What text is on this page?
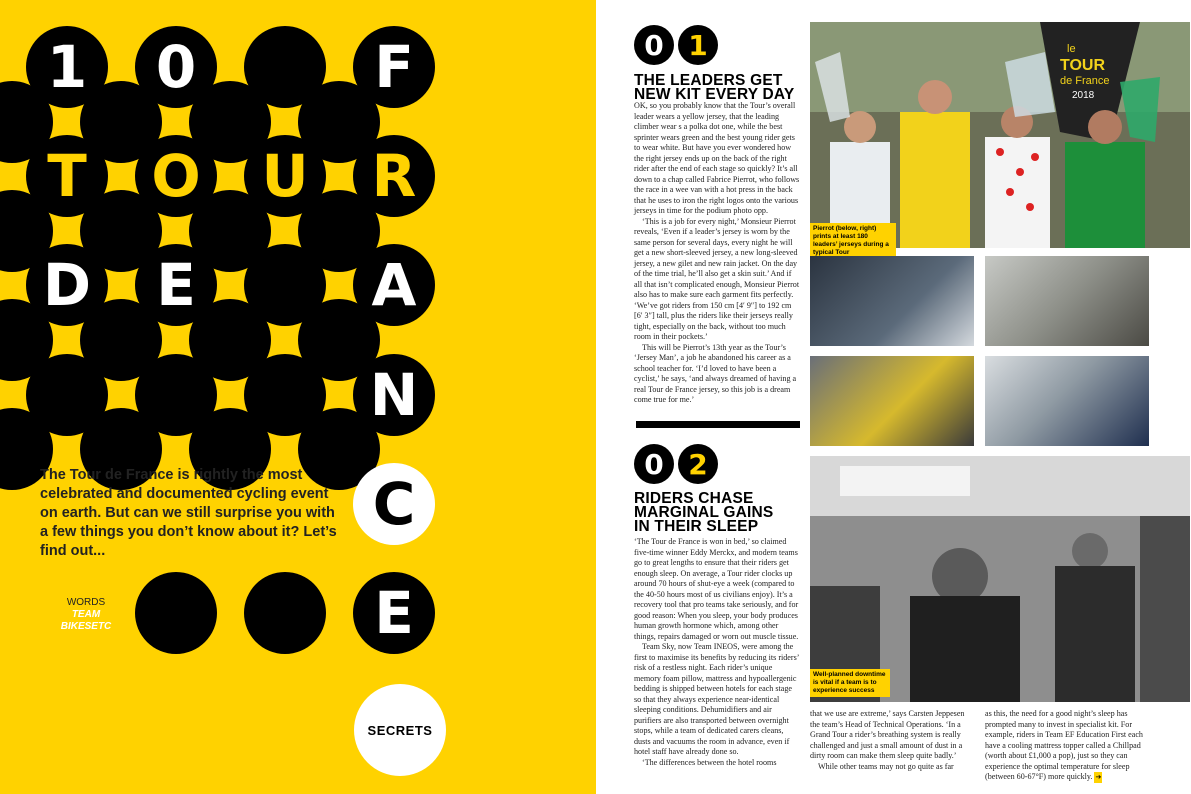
1	0	F
T	O	U	R
D	E	A
N
C
E
The Tour de France is rightly the most celebrated and documented cycling event on earth. But can we still surprise you with a few things you don’t know about it? Let’s find out...
WORDS
TEAM
BIKESETC
SECRETS
0 1
THE LEADERS GET
NEW KIT EVERY DAY

OK, so you probably know that the Tour’s overall leader wears a yellow jersey, that the leading climber wear s a polka dot one, while the best sprinter wears green and the best young rider gets to wear white. But have you ever wondered how the right jersey ends up on the back of the right rider after the end of each stage so quickly? It’s all down to a chap called Fabrice Pierrot, who follows the race in a wee van with a hot press in the back that he uses to iron the right logos onto the various jerseys in time for the podium photo opp.

‘This is a job for every night,’ Monsieur Pierrot reveals, ‘Even if a leader’s jersey is worn by the same person for several days, every night he will get a new short-sleeved jersey, a new long-sleeved jersey, a new gilet and new rain jacket. On the day of the time trial, he’ll also get a skin suit.’ And if all that isn’t complicated enough, Monsieur Pierrot also has to make sure each garment fits perfectly. ‘We’ve got riders from 150 cm [4′ 9″] to 192 cm [6′ 3″] tall, plus the riders like their jerseys really tight, especially on the back, without too much room in their pockets.’

This will be Pierrot’s 13th year as the Tour’s ‘Jersey Man’, a job he abandoned his career as a school teacher for. ‘I’d loved to have been a cyclist,’ he says, ‘and always dreamed of having a real Tour de France jersey, so this job is a dream come true for me.’

le
TOUR
de France
2018
Pierrot (below, right) prints at least 180 leaders’ jerseys during a typical Tour
0 2
RIDERS CHASE
MARGINAL GAINS
IN THEIR SLEEP

‘The Tour de France is won in bed,’ so claimed five-time winner Eddy Merckx, and modern teams go to great lengths to ensure that their riders get enough sleep. On average, a Tour rider clocks up around 70 hours of shut-eye a week (compared to the 40-50 hours most of us civilians enjoy). It’s a recovery tool that pro teams take seriously, and for good reason: When you sleep, your body produces human growth hormone which, among other things, repairs damaged or worn out muscle tissue.

Team Sky, now Team INEOS, were among the first to maximise its benefits by reducing its riders’ risk of a restless night. Each rider’s unique memory foam pillow, mattress and hypoallergenic bedding is shipped between hotels for each stage so that they always experience near-identical sleeping conditions. Dehumidifiers and air purifiers are also transported between overnight stops, while a team of dedicated carers cleans, dusts and vacuums the room in advance, even if hotel staff have already done so.

‘The differences between the hotel rooms

Well-planned downtime is vital if a team is to experience success

that we use are extreme,’ says Carsten Jeppesen the team’s Head of Technical Operations. ‘In a Grand Tour a rider’s breathing system is really challenged and just a small amount of dust in a dirty room can make them sleep quite badly.’

While other teams may not go quite as far

as this, the need for a good night’s sleep has prompted many to invest in specialist kit. For example, riders in Team EF Education First each have a cooling mattress topper called a Chillpad (worth about £1,000 a pop), just so they can experience the optimal temperature for sleep (between 60-67°F) more quickly. ➔
